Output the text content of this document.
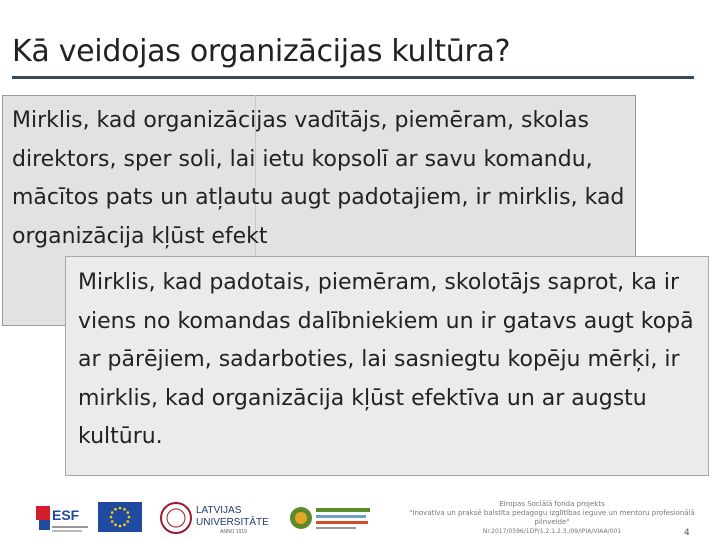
Kā veidojas organizācijas kultūra?
Mirklis, kad organizācijas vadītājs, piemēram, skolas direktors, sper soli, lai ietu kopsolī ar savu komandu, mācītos pats un atļautu augt padotajiem, ir mirklis, kad organizācija kļūst efekt
Mirklis, kad padotais, piemēram, skolotājs saprot, ka ir viens no komandas dalībniekiem un ir gatavs augt kopā ar pārējiem, sadarboties, lai sasniegtu kopēju mērķi, ir mirklis, kad organizācija kļūst efektīva un ar augstu kultūru.
ESF	LATVIJAS
UNIVERSITĀTE
ANNO 1919
Eiropas Sociālā fonda projekts
"Inovatīva un praksē balstīta pedagogu izglītības ieguve un mentoru profesionālā pilnveide"
Nr.2017/0596/1DP/1.2.1.2.3./09/IPIA/VIAA/001	4
